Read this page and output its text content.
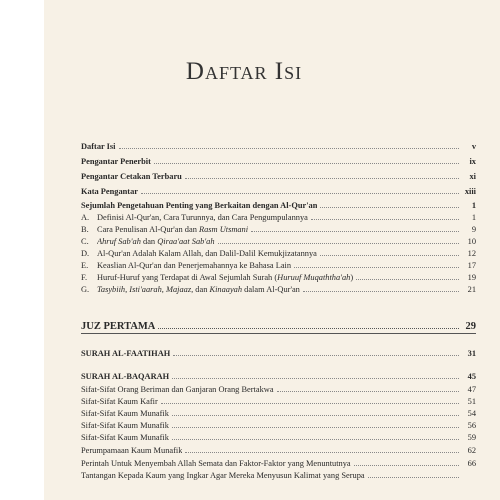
Daftar Isi
Daftar Isi	v
Pengantar Penerbit	ix
Pengantar Cetakan Terbaru	xi
Kata Pengantar	xiii
Sejumlah Pengetahuan Penting yang Berkaitan dengan Al-Qur'an	1
A. Definisi Al-Qur'an, Cara Turunnya, dan Cara Pengumpulannya	1
B. Cara Penulisan Al-Qur'an dan Rasm Utsmani	9
C. Ahruf Sab'ah dan Qiraa'aat Sab'ah	10
D. Al-Qur'an Adalah Kalam Allah, dan Dalil-Dalil Kemukjizatannya	12
E.	Keaslian Al-Qur'an dan Penerjemahannya ke Bahasa Lain	17
F.	Huruf-Huruf yang Terdapat di Awal Sejumlah Surah (Huruuf Muqaththa'ah)	19
G. Tasybiih, Isti'aarah, Majaaz, dan Kinaayah dalam Al-Qur'an	21
JUZ PERTAMA	29
SURAH AL-FAATIHAH	31
SURAH AL-BAQARAH	45
Sifat-Sifat Orang Beriman dan Ganjaran Orang Bertakwa	47
Sifat-Sifat Kaum Kafir	51
Sifat-Sifat Kaum Munafik	54
Sifat-Sifat Kaum Munafik	56
Sifat-Sifat Kaum Munafik	59
Perumpamaan Kaum Munafik	62
Perintah Untuk Menyembah Allah Semata dan Faktor-Faktor yang Menuntutnya	66
Tantangan Kepada Kaum yang Ingkar Agar Mereka Menyusun Kalimat yang Serupa
